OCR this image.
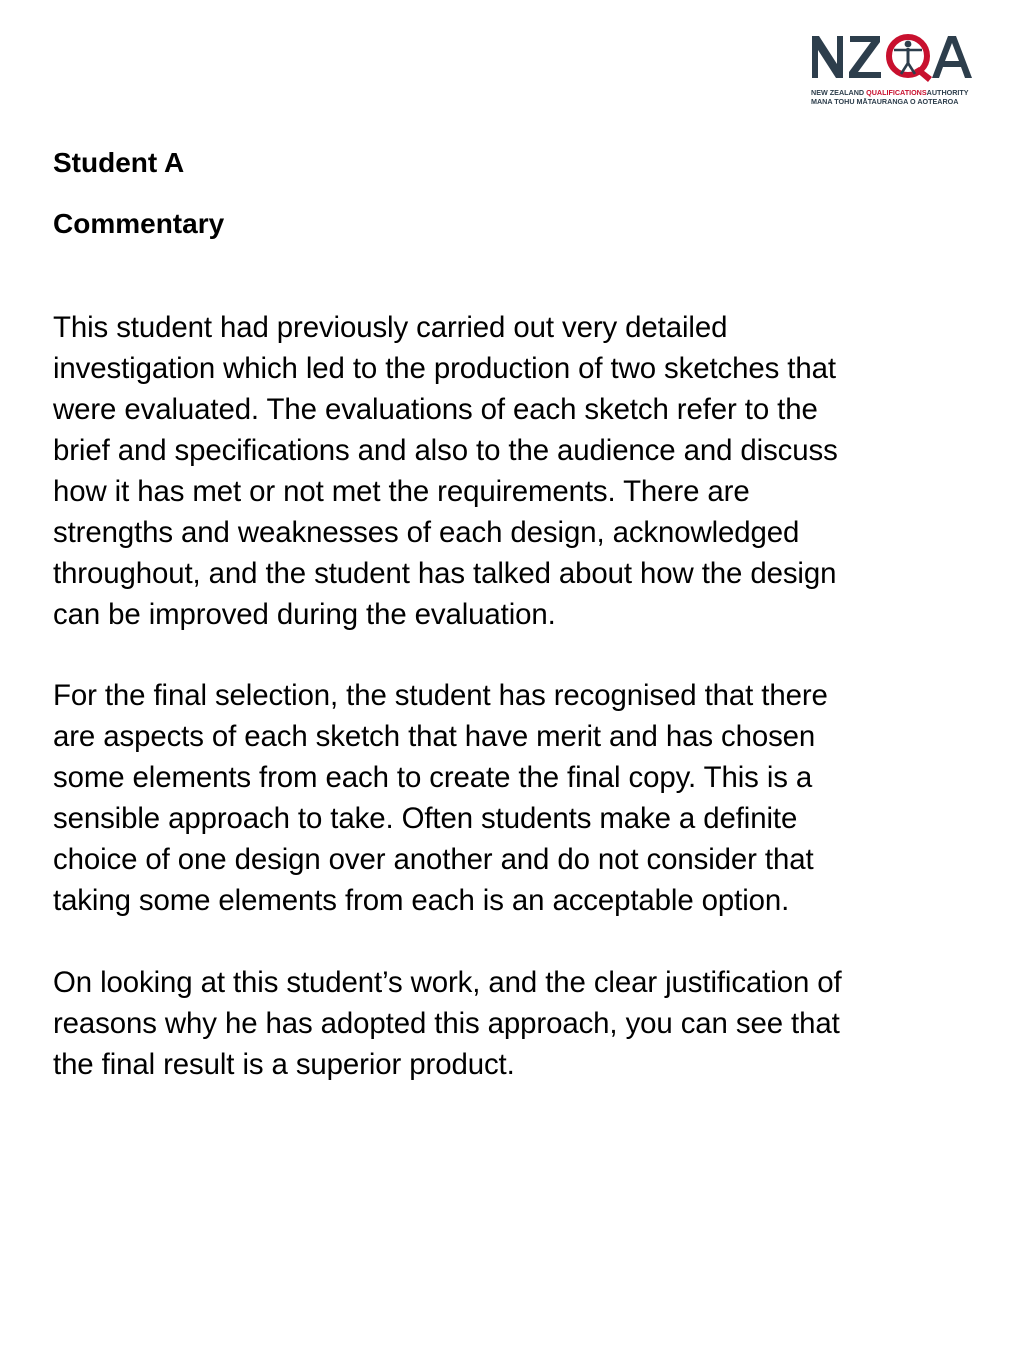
NEW ZEALAND QUALIFICATIONSAUTHORITY
MANA TOHU MĀTAURANGA O AOTEAROA
Student A
Commentary

This student had previously carried out very detailed
investigation which led to the production of two sketches that
were evaluated. The evaluations of each sketch refer to the
brief and specifications and also to the audience and discuss
how it has met or not met the requirements. There are
strengths and weaknesses of each design, acknowledged
throughout, and the student has talked about how the design
can be improved during the evaluation.

For the final selection, the student has recognised that there
are aspects of each sketch that have merit and has chosen
some elements from each to create the final copy. This is a
sensible approach to take. Often students make a definite
choice of one design over another and do not consider that
taking some elements from each is an acceptable option.

On looking at this student’s work, and the clear justification of
reasons why he has adopted this approach, you can see that
the final result is a superior product.
